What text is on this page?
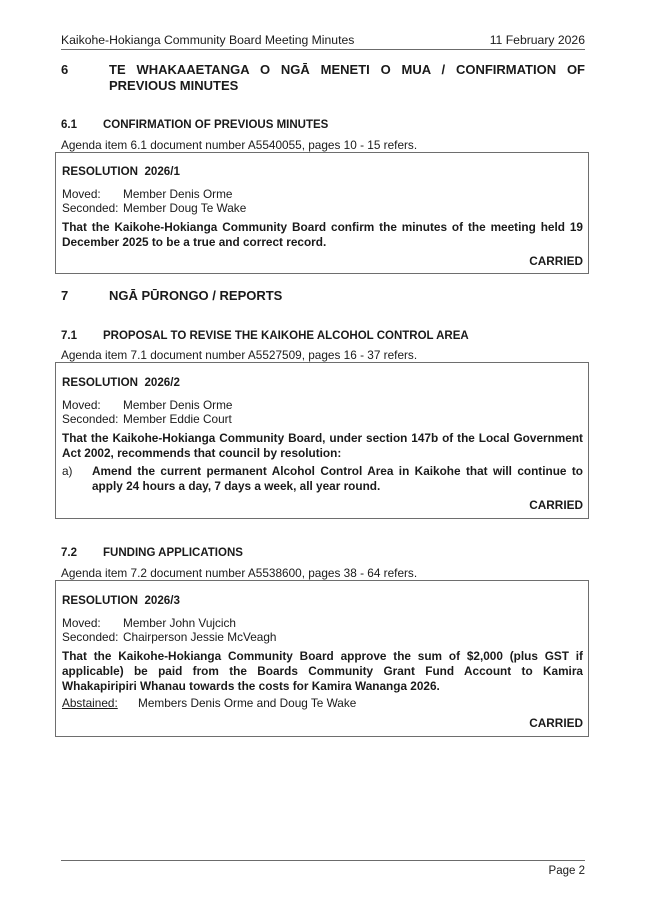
Kaikohe-Hokianga Community Board Meeting Minutes	11 February 2026
6	TE WHAKAAETANGA O NGĀ MENETI O MUA / CONFIRMATION OF
PREVIOUS MINUTES
6.1 CONFIRMATION OF PREVIOUS MINUTES
Agenda item 6.1 document number A5540055, pages 10 - 15 refers.
RESOLUTION  2026/1
Moved: Member Denis Orme
Seconded: Member Doug Te Wake
That the Kaikohe-Hokianga Community Board confirm the minutes of the meeting held 19 December 2025 to be a true and correct record.
CARRIED
7	NGĀ PŪRONGO / REPORTS
7.1 PROPOSAL TO REVISE THE KAIKOHE ALCOHOL CONTROL AREA
Agenda item 7.1 document number A5527509, pages 16 - 37 refers.
RESOLUTION  2026/2
Moved: Member Denis Orme
Seconded: Member Eddie Court
That the Kaikohe-Hokianga Community Board, under section 147b of the Local Government Act 2002, recommends that council by resolution:
a) Amend the current permanent Alcohol Control Area in Kaikohe that will continue to apply 24 hours a day, 7 days a week, all year round.
CARRIED
7.2 FUNDING APPLICATIONS
Agenda item 7.2 document number A5538600, pages 38 - 64 refers.
RESOLUTION  2026/3
Moved: Member John Vujcich
Seconded: Chairperson Jessie McVeagh
That the Kaikohe-Hokianga Community Board approve the sum of $2,000 (plus GST if applicable) be paid from the Boards Community Grant Fund Account to Kamira Whakapiripiri Whanau towards the costs for Kamira Wananga 2026.
Abstained: Members Denis Orme and Doug Te Wake
CARRIED
Page 2
